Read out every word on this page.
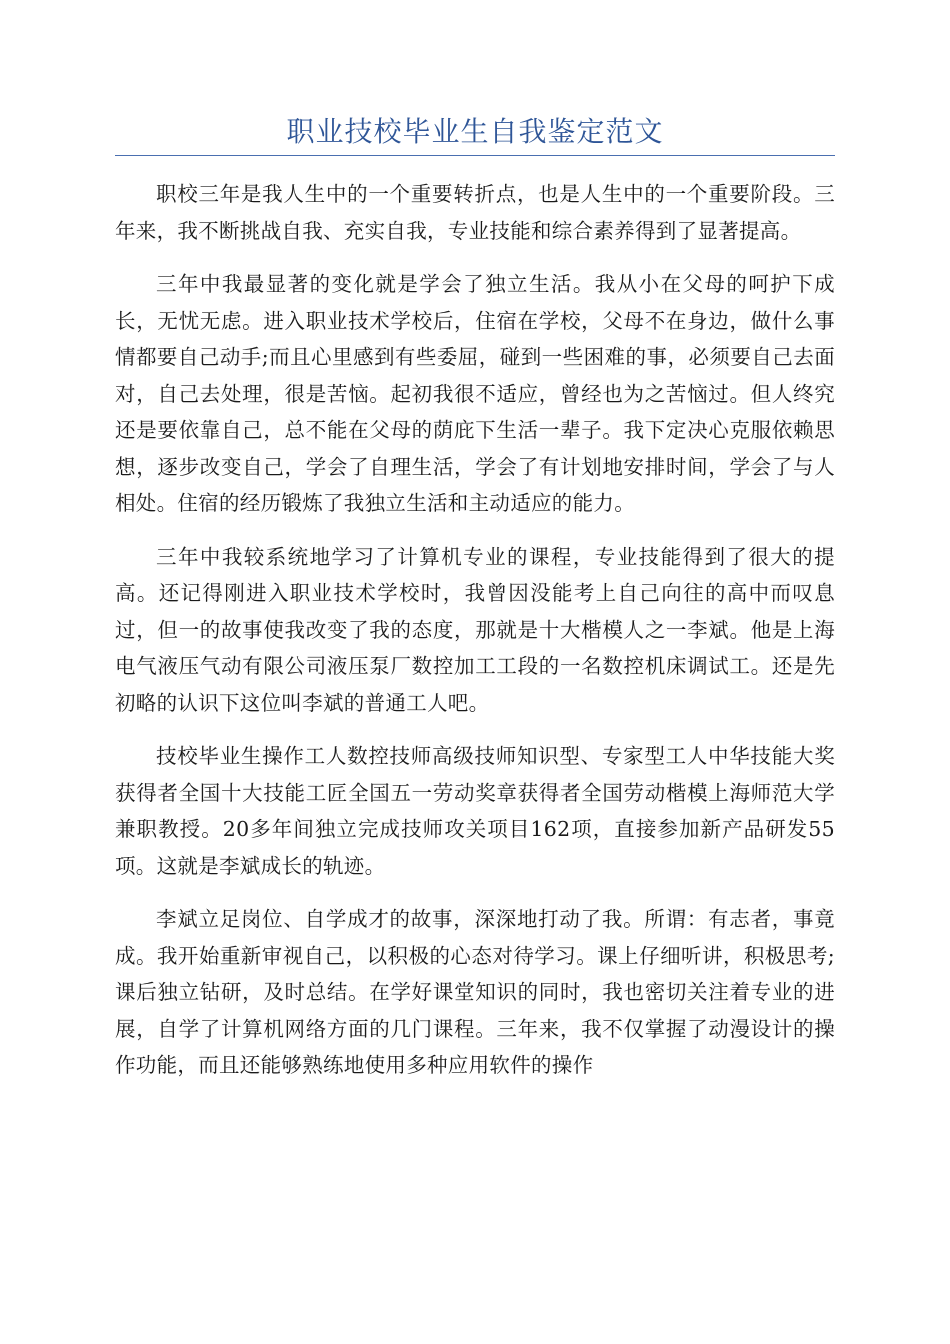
职业技校毕业生自我鉴定范文

职校三年是我人生中的一个重要转折点，也是人生中的一个重要阶段。三年来，我不断挑战自我、充实自我，专业技能和综合素养得到了显著提高。

三年中我最显著的变化就是学会了独立生活。我从小在父母的呵护下成长，无忧无虑。进入职业技术学校后，住宿在学校，父母不在身边，做什么事情都要自己动手;而且心里感到有些委屈，碰到一些困难的事，必须要自己去面对，自己去处理，很是苦恼。起初我很不适应，曾经也为之苦恼过。但人终究还是要依靠自己，总不能在父母的荫庇下生活一辈子。我下定决心克服依赖思想，逐步改变自己，学会了自理生活，学会了有计划地安排时间，学会了与人相处。住宿的经历锻炼了我独立生活和主动适应的能力。

三年中我较系统地学习了计算机专业的课程，专业技能得到了很大的提高。还记得刚进入职业技术学校时，我曾因没能考上自己向往的高中而叹息过，但一的故事使我改变了我的态度，那就是十大楷模人之一李斌。他是上海电气液压气动有限公司液压泵厂数控加工工段的一名数控机床调试工。还是先初略的认识下这位叫李斌的普通工人吧。

技校毕业生操作工人数控技师高级技师知识型、专家型工人中华技能大奖获得者全国十大技能工匠全国五一劳动奖章获得者全国劳动楷模上海师范大学兼职教授。20多年间独立完成技师攻关项目162项，直接参加新产品研发55项。这就是李斌成长的轨迹。

李斌立足岗位、自学成才的故事，深深地打动了我。所谓：有志者，事竟成。我开始重新审视自己，以积极的心态对待学习。课上仔细听讲，积极思考;课后独立钻研，及时总结。在学好课堂知识的同时，我也密切关注着专业的进展，自学了计算机网络方面的几门课程。三年来，我不仅掌握了动漫设计的操作功能，而且还能够熟练地使用多种应用软件的操作
